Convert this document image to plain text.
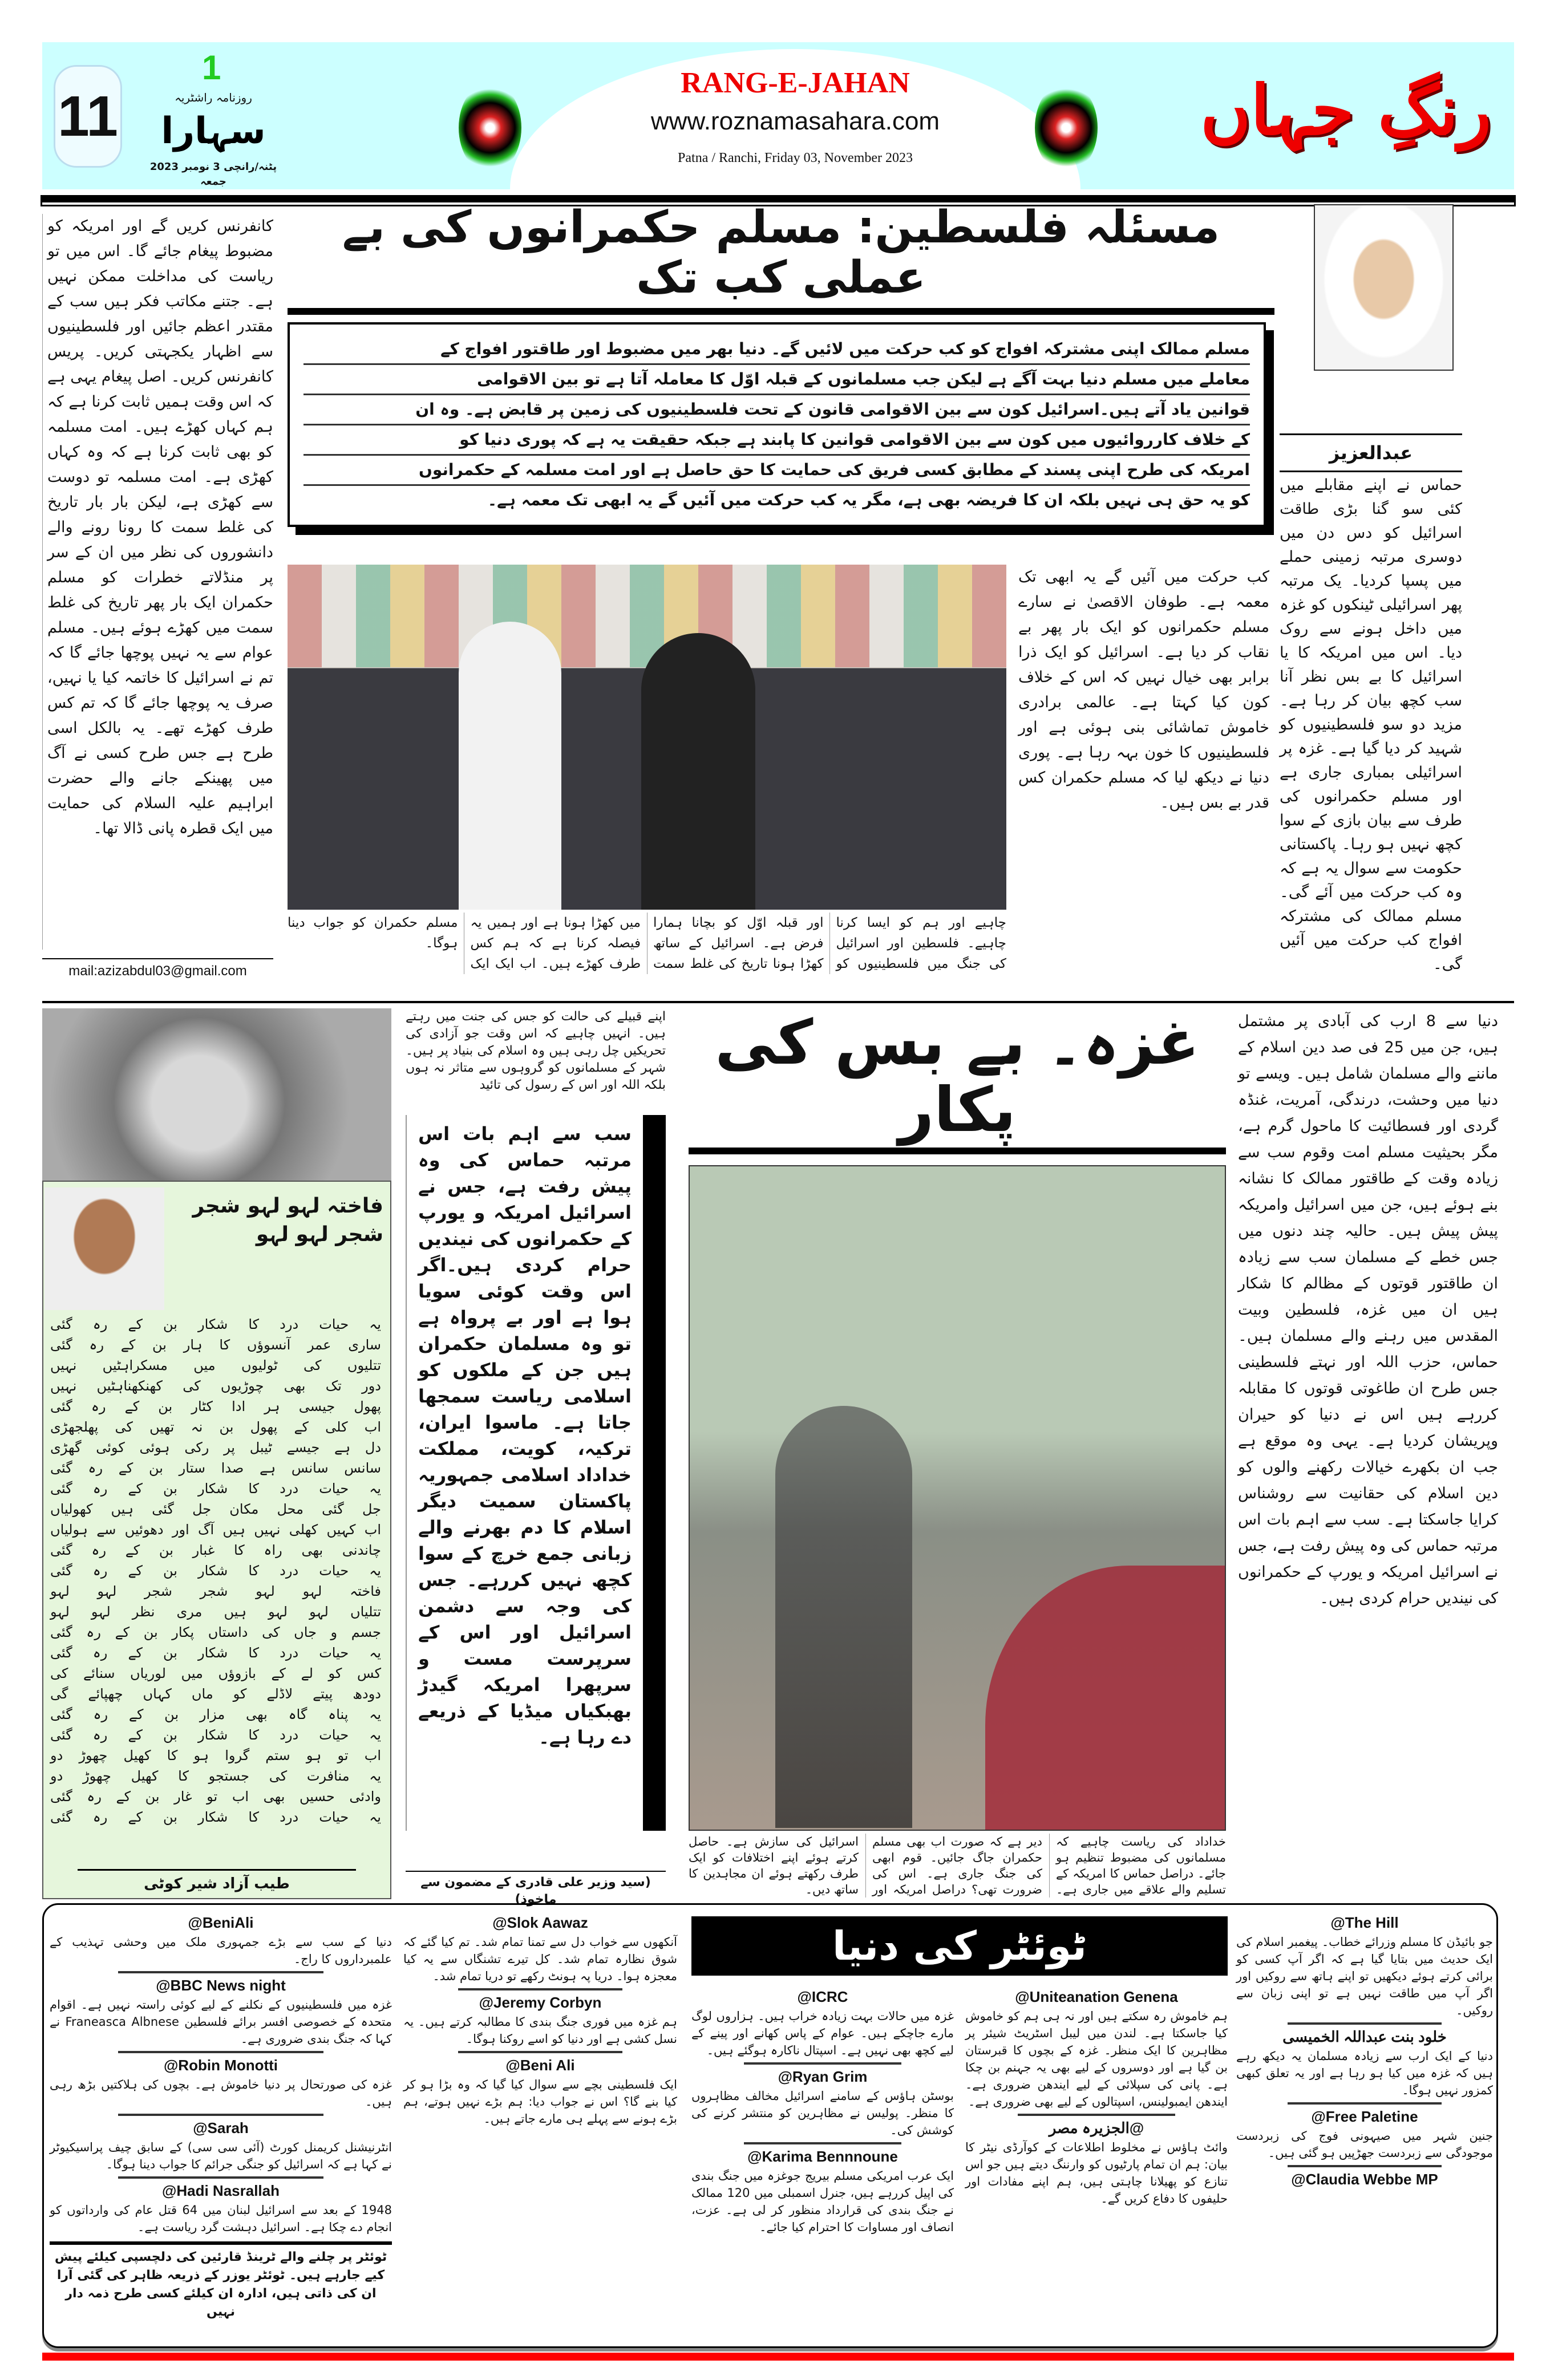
11
1
روزنامہ راشٹریہ
سہارا
پٹنہ/رانچی 3 نومبر 2023 جمعہ
RANG-E-JAHAN
www.roznamasahara.com
Patna / Ranchi, Friday 03, November 2023
رنگِ جہاں
کانفرنس کریں گے اور امریکہ کو مضبوط پیغام جائے گا۔ اس میں تو ریاست کی مداخلت ممکن نہیں ہے۔ جتنے مکاتب فکر ہیں سب کے مقتدر اعظم جائیں اور فلسطینیوں سے اظہار یکجہتی کریں۔ پریس کانفرنس کریں۔ اصل پیغام یہی ہے کہ اس وقت ہمیں ثابت کرنا ہے کہ ہم کہاں کھڑے ہیں۔ امت مسلمہ کو بھی ثابت کرنا ہے کہ وہ کہاں کھڑی ہے۔ امت مسلمہ تو دوست سے کھڑی ہے، لیکن بار بار تاریخ کی غلط سمت کا رونا رونے والے دانشوروں کی نظر میں ان کے سر پر منڈلاتے خطرات کو مسلم حکمران ایک بار پھر تاریخ کی غلط سمت میں کھڑے ہوئے ہیں۔ مسلم عوام سے یہ نہیں پوچھا جائے گا کہ تم نے اسرائیل کا خاتمہ کیا یا نہیں، صرف یہ پوچھا جائے گا کہ تم کس طرف کھڑے تھے۔ یہ بالکل اسی طرح ہے جس طرح کسی نے آگ میں پھینکے جانے والے حضرت ابراہیم علیہ السلام کی حمایت میں ایک قطرہ پانی ڈالا تھا۔
mail:azizabdul03@gmail.com
مسئلہ فلسطین: مسلم حکمرانوں کی بے عملی کب تک

مسلم ممالک اپنی مشترکہ افواج کو کب حرکت میں لائیں گے۔ دنیا بھر میں مضبوط اور طاقتور افواج کے

معاملے میں مسلم دنیا بہت آگے ہے لیکن جب مسلمانوں کے قبلہ اوّل کا معاملہ آتا ہے تو بین الاقوامی

قوانین یاد آتے ہیں۔اسرائیل کون سے بین الاقوامی قانون کے تحت فلسطینیوں کی زمین پر قابض ہے۔ وہ ان

کے خلاف کارروائیوں میں کون سے بین الاقوامی قوانین کا پابند ہے جبکہ حقیقت یہ ہے کہ پوری دنیا کو

امریکہ کی طرح اپنی پسند کے مطابق کسی فریق کی حمایت کا حق حاصل ہے اور امت مسلمہ کے حکمرانوں

کو یہ حق ہی نہیں بلکہ ان کا فریضہ بھی ہے، مگر یہ کب حرکت میں آئیں گے یہ ابھی تک معمہ ہے۔

عبدالعزیز
حماس نے اپنے مقابلے میں کئی سو گنا بڑی طاقت اسرائیل کو دس دن میں دوسری مرتبہ زمینی حملے میں پسپا کردیا۔ یک مرتبہ پھر اسرائیلی ٹینکوں کو غزہ میں داخل ہونے سے روک دیا۔ اس میں امریکہ کا یا اسرائیل کا بے بس نظر آنا سب کچھ بیان کر رہا ہے۔ مزید دو سو فلسطینیوں کو شہید کر دیا گیا ہے۔ غزہ پر اسرائیلی بمباری جاری ہے اور مسلم حکمرانوں کی طرف سے بیان بازی کے سوا کچھ نہیں ہو رہا۔ پاکستانی حکومت سے سوال یہ ہے کہ وہ کب حرکت میں آئے گی۔ مسلم ممالک کی مشترکہ افواج کب حرکت میں آئیں گی۔
چاہیے اور ہم کو ایسا کرنا چاہیے۔ فلسطین اور اسرائیل کی جنگ میں فلسطینیوں کو اور قبلہ اوّل کو بچانا ہمارا فرض ہے۔ اسرائیل کے ساتھ کھڑا ہونا تاریخ کی غلط سمت میں کھڑا ہونا ہے اور ہمیں یہ فیصلہ کرنا ہے کہ ہم کس طرف کھڑے ہیں۔ اب ایک ایک مسلم حکمران کو جواب دینا ہوگا۔
کب حرکت میں آئیں گے یہ ابھی تک معمہ ہے۔ طوفان الاقصیٰ نے سارے مسلم حکمرانوں کو ایک بار پھر بے نقاب کر دیا ہے۔ اسرائیل کو ایک ذرا برابر بھی خیال نہیں کہ اس کے خلاف کون کیا کہتا ہے۔ عالمی برادری خاموش تماشائی بنی ہوئی ہے اور فلسطینیوں کا خون بہہ رہا ہے۔ پوری دنیا نے دیکھ لیا کہ مسلم حکمران کس قدر بے بس ہیں۔
فاختہ لہو لہو شجر شجر لہو لہو

یہ حیات درد کا شکار بن کے رہ گئی

ساری عمر آنسوؤں کا ہار بن کے رہ گئی

تتلیوں کی ٹولیوں میں مسکراہٹیں نہیں

دور تک بھی چوڑیوں کی کھنکھناہٹیں نہیں

پھول جیسی ہر ادا کٹار بن کے رہ گئی

اب کلی کے پھول بن نہ تھیں کی پھلجھڑی

دل ہے جیسے ٹیبل پر رکی ہوئی کوئی گھڑی

سانس سانس ہے صدا ستار بن کے رہ گئی

یہ حیات درد کا شکار بن کے رہ گئی

جل گئی محل مکان جل گئی ہیں کھولیاں

اب کہیں کھلی نہیں ہیں آگ اور دھوئیں سے ہولیاں

چاندنی بھی راہ کا غبار بن کے رہ گئی

یہ حیات درد کا شکار بن کے رہ گئی

فاختہ لہو لہو شجر شجر لہو لہو

تتلیاں لہو لہو ہیں مری نظر لہو لہو

جسم و جاں کی داستاں پکار بن کے رہ گئی

یہ حیات درد کا شکار بن کے رہ گئی

کس کو لے کے بازوؤں میں لوریاں سنائے کی

دودھ پیتے لاڈلے کو ماں کہاں چھپائے گی

یہ پناہ گاہ بھی مزار بن کے رہ گئی

یہ حیات درد کا شکار بن کے رہ گئی

اب تو ہو ستم گروا ہو کا کھیل چھوڑ دو

یہ منافرت کی جستجو کا کھیل چھوڑ دو

وادئی حسیں بھی اب تو غار بن کے رہ گئی

یہ حیات درد کا شکار بن کے رہ گئی

طیب آزاد شیر کوٹی
اپنے قبیلے کی حالت کو جس کی جنت میں رہتے ہیں۔ انہیں چاہیے کہ اس وقت جو آزادی کی تحریکیں چل رہی ہیں وہ اسلام کی بنیاد پر ہیں۔ شہر کے مسلمانوں کو گروہوں سے متاثر نہ ہوں بلکہ اللہ اور اس کے رسول کی تائید

سب سے اہم بات اس مرتبہ حماس کی وہ پیش رفت ہے، جس نے اسرائیل امریکہ و یورپ کے حکمرانوں کی نیندیں حرام کردی ہیں۔اگر اس وقت کوئی سویا ہوا ہے اور بے پرواہ ہے تو وہ مسلمان حکمران ہیں جن کے ملکوں کو اسلامی ریاست سمجھا جاتا ہے۔ ماسوا ایران، ترکیہ، کویت، مملکت خداداد اسلامی جمہوریہ پاکستان سمیت دیگر اسلام کا دم بھرنے والے زبانی جمع خرچ کے سوا کچھ نہیں کررہے۔ جس کی وجہ سے دشمن اسرائیل اور اس کے سرپرست مست و سرپھرا امریکہ گیدڑ بھبکیاں میڈیا کے ذریعے دے رہا ہے۔

غزہ۔ بے بس کی پکار
خداداد کی ریاست چاہیے کہ مسلمانوں کی مضبوط تنظیم ہو جائے۔ دراصل حماس کا امریکہ کے تسلیم والے علاقے میں جاری ہے۔ دیر ہے کہ صورت اب بھی مسلم حکمران جاگ جائیں۔ قوم ابھی کی جنگ جاری ہے۔ اس کی ضرورت تھی؟ دراصل امریکہ اور اسرائیل کی سازش ہے۔ حاصل کرتے ہوئے اپنے اختلافات کو ایک طرف رکھتے ہوئے ان مجاہدین کا ساتھ دیں۔
(سید وزیر علی قادری کے مضمون سے ماخوذ)
دنیا سے 8 ارب کی آبادی پر مشتمل ہیں، جن میں 25 فی صد دین اسلام کے ماننے والے مسلمان شامل ہیں۔ ویسے تو دنیا میں وحشت، درندگی، آمریت، غنڈہ گردی اور فسطائیت کا ماحول گرم ہے، مگر بحیثیت مسلم امت وقوم سب سے زیادہ وقت کے طاقتور ممالک کا نشانہ بنے ہوئے ہیں، جن میں اسرائیل وامریکہ پیش پیش ہیں۔ حالیہ چند دنوں میں جس خطے کے مسلمان سب سے زیادہ ان طاقتور قوتوں کے مظالم کا شکار ہیں ان میں غزہ، فلسطین وبیت المقدس میں رہنے والے مسلمان ہیں۔ حماس، حزب اللہ اور نہتے فلسطینی جس طرح ان طاغوتی قوتوں کا مقابلہ کررہے ہیں اس نے دنیا کو حیران وپریشان کردیا ہے۔ یہی وہ موقع ہے جب ان بکھرے خیالات رکھنے والوں کو دین اسلام کی حقانیت سے روشناس کرایا جاسکتا ہے۔ سب سے اہم بات اس مرتبہ حماس کی وہ پیش رفت ہے، جس نے اسرائیل امریکہ و یورپ کے حکمرانوں کی نیندیں حرام کردی ہیں۔
ٹوئٹر کی دنیا	@The Hill
جو بائیڈن کا مسلم وزرائے خطاب۔ پیغمبر اسلام کی ایک حدیث میں بتایا گیا ہے کہ اگر آپ کسی کو برائی کرتے ہوئے دیکھیں تو اپنے ہاتھ سے روکیں اور اگر آپ میں طاقت نہیں ہے تو اپنی زبان سے روکیں۔
خلود بنت عبداللہ الخمیسی
دنیا کے ایک ارب سے زیادہ مسلمان یہ دیکھ رہے ہیں کہ غزہ میں کیا ہو رہا ہے اور یہ تعلق کبھی کمزور نہیں ہوگا۔
@Free Paletine
جنین شہر میں صیہونی فوج کی زبردست موجودگی سے زبردست جھڑپیں ہو گئی ہیں۔
@Claudia Webbe MP
@Uniteanation Genena
ہم خاموش رہ سکتے ہیں اور نہ ہی ہم کو خاموش کیا جاسکتا ہے۔ لندن میں لیبل اسٹریٹ شیئر پر مظاہرین کا ایک منظر۔ غزہ کے بچوں کا قبرستان بن گیا ہے اور دوسروں کے لیے بھی یہ جہنم بن چکا ہے۔ پانی کی سپلائی کے لیے ایندھن ضروری ہے۔ ایندھن ایمبولینس، اسپتالوں کے لیے بھی ضروری ہے۔
الجزیرہ مصر@
وائٹ ہاؤس نے مخلوط اطلاعات کے کوآرڈی نیٹر کا بیان: ہم ان تمام پارٹیوں کو وارننگ دیتے ہیں جو اس تنازع کو پھیلانا چاہتی ہیں، ہم اپنے مفادات اور حلیفوں کا دفاع کریں گے۔
@ICRC
غزہ میں حالات بہت زیادہ خراب ہیں۔ ہزاروں لوگ مارے جاچکے ہیں۔ عوام کے پاس کھانے اور پینے کے لیے کچھ بھی نہیں ہے۔ اسپتال ناکارہ ہوگئے ہیں۔
@Ryan Grim
بوسٹن ہاؤس کے سامنے اسرائیل مخالف مظاہروں کا منظر۔ پولیس نے مظاہرین کو منتشر کرنے کی کوشش کی۔
@Karima Bennnoune
ایک عرب امریکی مسلم بیریج جوغزہ میں جنگ بندی کی اپیل کررہے ہیں، جنرل اسمبلی میں 120 ممالک نے جنگ بندی کی قرارداد منظور کر لی ہے۔ عزت، انصاف اور مساوات کا احترام کیا جائے۔
@Slok Aawaz
آنکھوں سے خواب دل سے تمنا تمام شد۔ تم کیا گئے کہ شوق نظارہ تمام شد۔ کل تیرے تشنگاں سے یہ کیا معجزہ ہوا۔ دریا پہ ہونٹ رکھے تو دریا تمام شد۔
@Jeremy Corbyn
ہم غزہ میں فوری جنگ بندی کا مطالبہ کرتے ہیں۔ یہ نسل کشی ہے اور دنیا کو اسے روکنا ہوگا۔
@Beni Ali
ایک فلسطینی بچے سے سوال کیا گیا کہ وہ بڑا ہو کر کیا بنے گا؟ اس نے جواب دیا: ہم بڑے نہیں ہوتے، ہم بڑے ہونے سے پہلے ہی مارے جاتے ہیں۔
@BeniAli
دنیا کے سب سے بڑے جمہوری ملک میں وحشی تہذیب کے علمبرداروں کا راج۔
@BBC News night
غزہ میں فلسطینیوں کے نکلنے کے لیے کوئی راستہ نہیں ہے۔ اقوام متحدہ کے خصوصی افسر برائے فلسطین Franeasca Albnese نے کہا کہ جنگ بندی ضروری ہے۔
@Robin Monotti
غزہ کی صورتحال پر دنیا خاموش ہے۔ بچوں کی ہلاکتیں بڑھ رہی ہیں۔
@Sarah
انٹرنیشنل کریمنل کورٹ (آئی سی سی) کے سابق چیف پراسیکیوٹر نے کہا ہے کہ اسرائیل کو جنگی جرائم کا جواب دینا ہوگا۔
@Hadi Nasrallah
1948 کے بعد سے اسرائیل لبنان میں 64 قتل عام کی وارداتوں کو انجام دے چکا ہے۔ اسرائیل دہشت گرد ریاست ہے۔
ٹوئٹر پر چلنے والے ٹرینڈ قارئین کی دلچسپی کیلئے پیش کیے جارہے ہیں۔ ٹوئٹر یوزر کے ذریعہ ظاہر کی گئی آرا ان کی ذاتی ہیں، ادارہ ان کیلئے کسی طرح ذمہ دار نہیں
